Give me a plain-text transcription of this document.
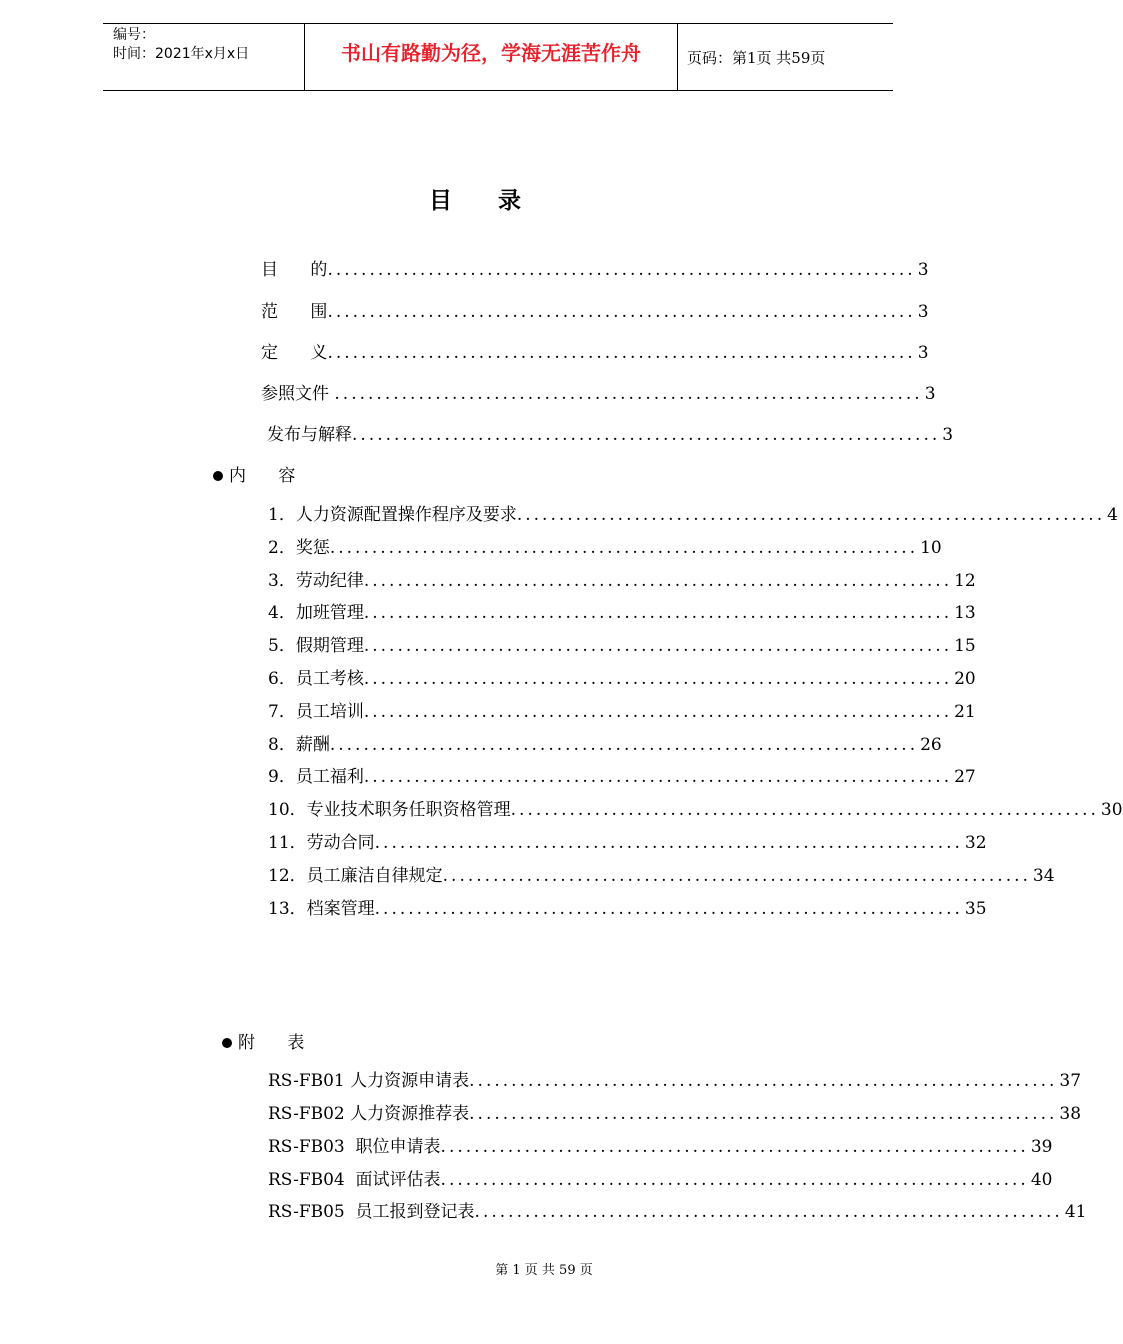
编号：
时间：2021年x月x日	书山有路勤为径，学海无涯苦作舟	页码：第1页 共59页
目录
目      的 ...................................................................... 3
范      围 ...................................................................... 3
定      义 ...................................................................... 3
参照文件 ...................................................................... 3
发布与解释 ...................................................................... 3
内      容
1．人力资源配置操作程序及要求 ...................................................................... 4
2．奖惩 ...................................................................... 10
3．劳动纪律 ...................................................................... 12
4．加班管理 ...................................................................... 13
5．假期管理 ...................................................................... 15
6．员工考核 ...................................................................... 20
7．员工培训 ...................................................................... 21
8．薪酬 ...................................................................... 26
9．员工福利 ...................................................................... 27
10．专业技术职务任职资格管理 ...................................................................... 30
11．劳动合同 ...................................................................... 32
12．员工廉洁自律规定 ...................................................................... 34
13．档案管理 ...................................................................... 35
附      表
RS-FB01 人力资源申请表 ...................................................................... 37
RS-FB02 人力资源推荐表 ...................................................................... 38
RS-FB03  职位申请表 ...................................................................... 39
RS-FB04  面试评估表 ...................................................................... 40
RS-FB05  员工报到登记表 ...................................................................... 41
第 1 页 共 59 页
